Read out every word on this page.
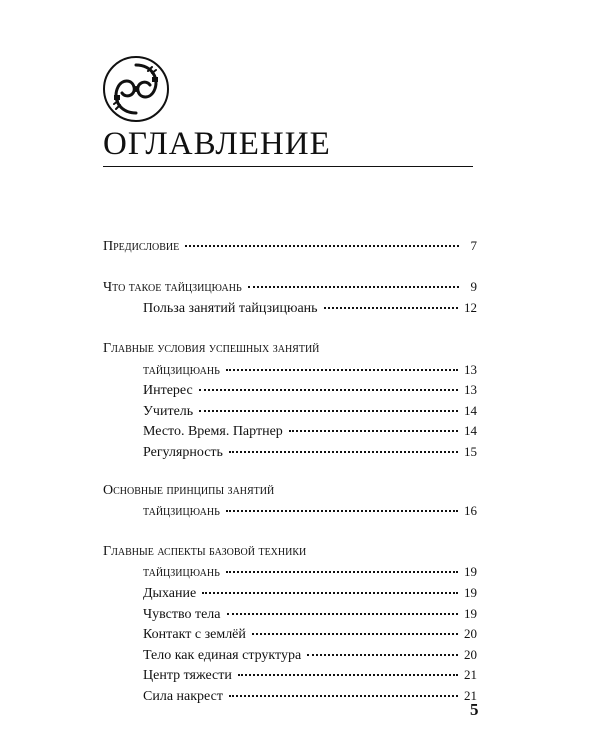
ОГЛАВЛЕНИЕ
Предисловие	7
Что такое тайцзицюань	9
Польза занятий тайцзицюань	12
Главные условия успешных занятий
тайцзицюань	13
Интерес	13
Учитель	14
Место. Время. Партнер	14
Регулярность	15
Основные принципы занятий
тайцзицюань	16
Главные аспекты базовой техники
тайцзицюань	19
Дыхание	19
Чувство тела	19
Контакт с землёй	20
Тело как единая структура	20
Центр тяжести	21
Сила накрест	21
5
